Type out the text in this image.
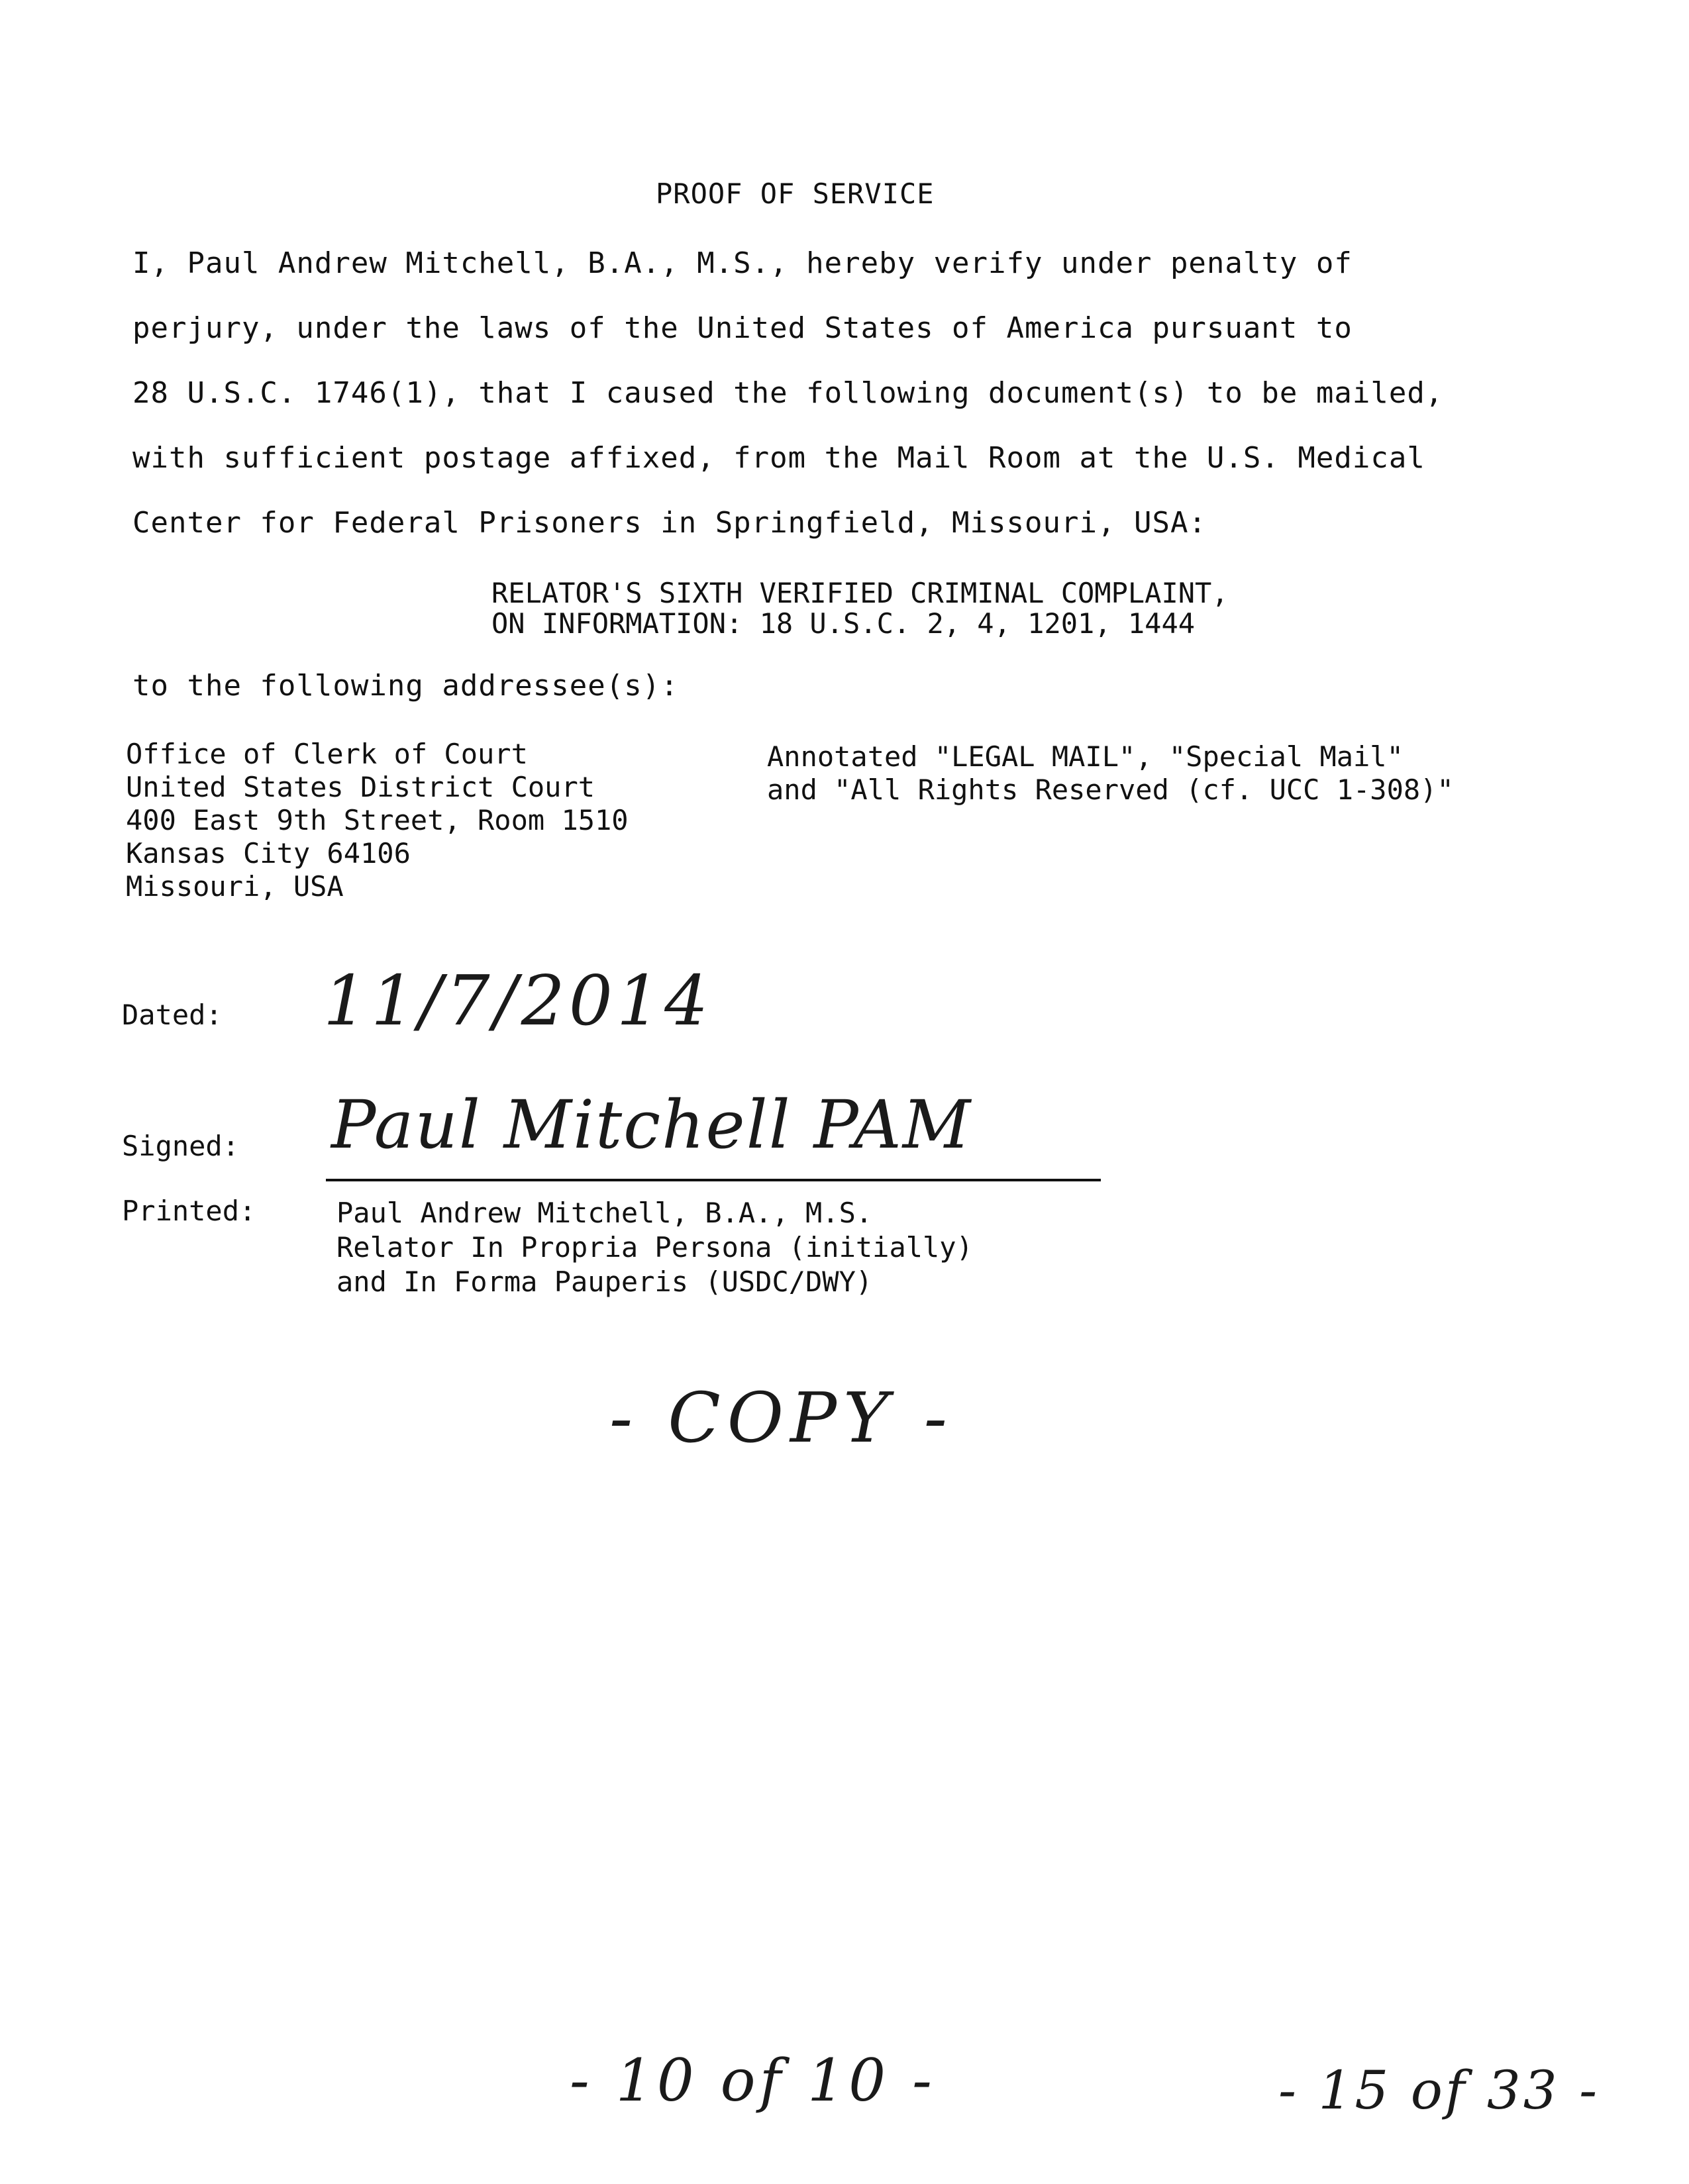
PROOF OF SERVICE
I, Paul Andrew Mitchell, B.A., M.S., hereby verify under penalty of
perjury, under the laws of the United States of America pursuant to
28 U.S.C. 1746(1), that I caused the following document(s) to be mailed,
with sufficient postage affixed, from the Mail Room at the U.S. Medical
Center for Federal Prisoners in Springfield, Missouri, USA:
RELATOR'S SIXTH VERIFIED CRIMINAL COMPLAINT,
ON INFORMATION: 18 U.S.C. 2, 4, 1201, 1444
to the following addressee(s):
Office of Clerk of Court
United States District Court
400 East 9th Street, Room 1510
Kansas City 64106
Missouri, USA
Annotated "LEGAL MAIL", "Special Mail"
and "All Rights Reserved (cf. UCC 1-308)"
Dated: 11/7/2014
Signed: Paul Mitchell PAM
Printed:	Paul Andrew Mitchell, B.A., M.S.
Relator In Propria Persona (initially)
and In Forma Pauperis (USDC/DWY)
- COPY -
- 10 of 10 -	- 15 of 33 -
